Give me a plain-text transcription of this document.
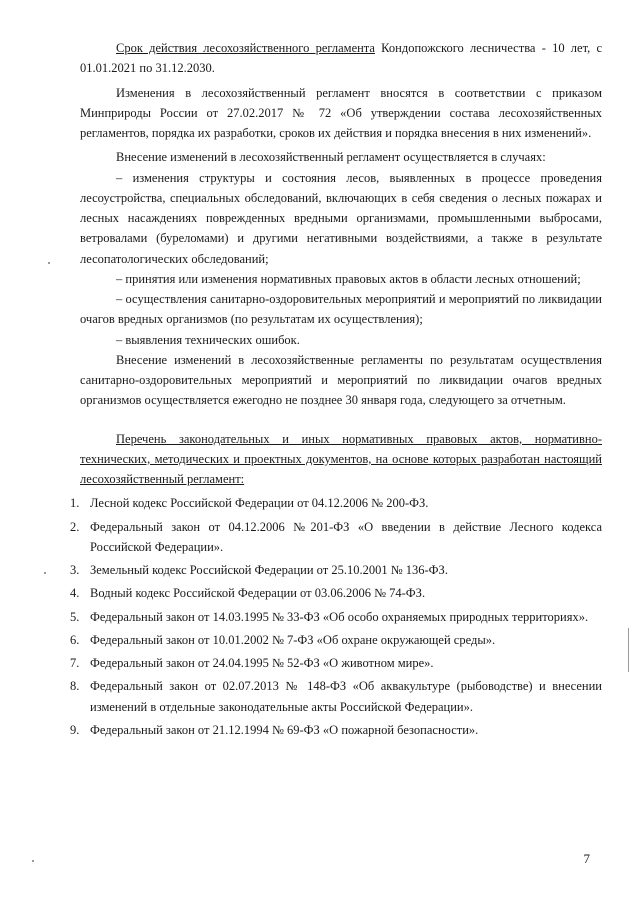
Срок действия лесохозяйственного регламента Кондопожского лесничества - 10 лет, с 01.01.2021 по 31.12.2030.

Изменения в лесохозяйственный регламент вносятся в соответствии с приказом Минприроды России от 27.02.2017 № 72 «Об утверждении состава лесохозяйственных регламентов, порядка их разработки, сроков их действия и порядка внесения в них изменений».

Внесение изменений в лесохозяйственный регламент осуществляется в случаях:

– изменения структуры и состояния лесов, выявленных в процессе проведения лесоустройства, специальных обследований, включающих в себя сведения о лесных пожарах и лесных насаждениях поврежденных вредными организмами, промышленными выбросами, ветровалами (буреломами) и другими негативными воздействиями, а также в результате лесопатологических обследований;

– принятия или изменения нормативных правовых актов в области лесных отношений;

– осуществления санитарно-оздоровительных мероприятий и мероприятий по ликвидации очагов вредных организмов (по результатам их осуществления);

– выявления технических ошибок.

Внесение изменений в лесохозяйственные регламенты по результатам осуществления санитарно-оздоровительных мероприятий и мероприятий по ликвидации очагов вредных организмов осуществляется ежегодно не позднее 30 января года, следующего за отчетным.

Перечень законодательных и иных нормативных правовых актов, нормативно-технических, методических и проектных документов, на основе которых разработан настоящий лесохозяйственный регламент:

1. Лесной кодекс Российской Федерации от 04.12.2006 № 200-ФЗ.
2. Федеральный закон от 04.12.2006 №201-ФЗ «О введении в действие Лесного кодекса Российской Федерации».
3. Земельный кодекс Российской Федерации от 25.10.2001 № 136-ФЗ.
4. Водный кодекс Российской Федерации от 03.06.2006 № 74-ФЗ.
5. Федеральный закон от 14.03.1995 № 33-ФЗ «Об особо охраняемых природных территориях».
6. Федеральный закон от 10.01.2002 № 7-ФЗ «Об охране окружающей среды».
7. Федеральный закон от 24.04.1995 № 52-ФЗ «О животном мире».
8. Федеральный закон от 02.07.2013 № 148-ФЗ «Об аквакультуре (рыбоводстве) и внесении изменений в отдельные законодательные акты Российской Федерации».
9. Федеральный закон от 21.12.1994 № 69-ФЗ «О пожарной безопасности».
7
